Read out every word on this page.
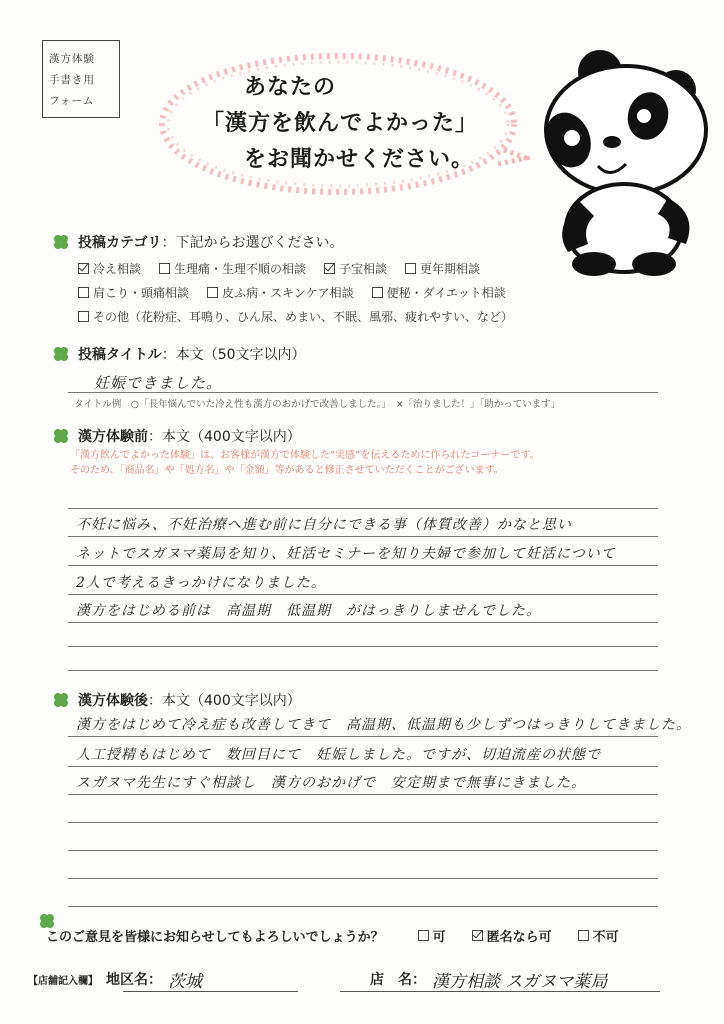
漢方体験
手書き用
フォーム
あなたの
「漢方を飲んでよかった」
をお聞かせください。
投稿カテゴリ ：下記からお選びください。
冷え相談	生理痛・生理不順の相談	子宝相談	更年期相談
肩こり・頭痛相談	皮ふ病・スキンケア相談	便秘・ダイエット相談
その他（花粉症、耳鳴り、ひん尿、めまい、不眠、風邪、疲れやすい、など）
投稿タイトル ：本文（50文字以内）
妊娠できました。
タイトル例　○「長年悩んでいた冷え性も漢方のおかげで改善しました。」　×「治りました！」「助かっています」
漢方体験前 ：本文（400文字以内）
「漢方飲んでよかった体験」は、お客様が漢方で体験した“実感”を伝えるために作られたコーナーです。
そのため、「商品名」や「処方名」や「金額」等があると修正させていただくことがございます。
不妊に悩み、不妊治療へ進む前に自分にできる事（体質改善）かなと思い
ネットでスガヌマ薬局を知り、妊活セミナーを知り夫婦で参加して妊活について
2人で考えるきっかけになりました。
漢方をはじめる前は　高温期　低温期　がはっきりしませんでした。
漢方体験後 ：本文（400文字以内）
漢方をはじめて冷え症も改善してきて　高温期、低温期も少しずつはっきりしてきました。
人工授精もはじめて　数回目にて　妊娠しました。ですが、切迫流産の状態で
スガヌマ先生にすぐ相談し　漢方のおかげで　安定期まで無事にきました。
このご意見を皆様にお知らせしてもよろしいでしょうか？	可	匿名なら可	不可
【店舗記入欄】 地区名： 茨城	店　名： 漢方相談 スガヌマ薬局
